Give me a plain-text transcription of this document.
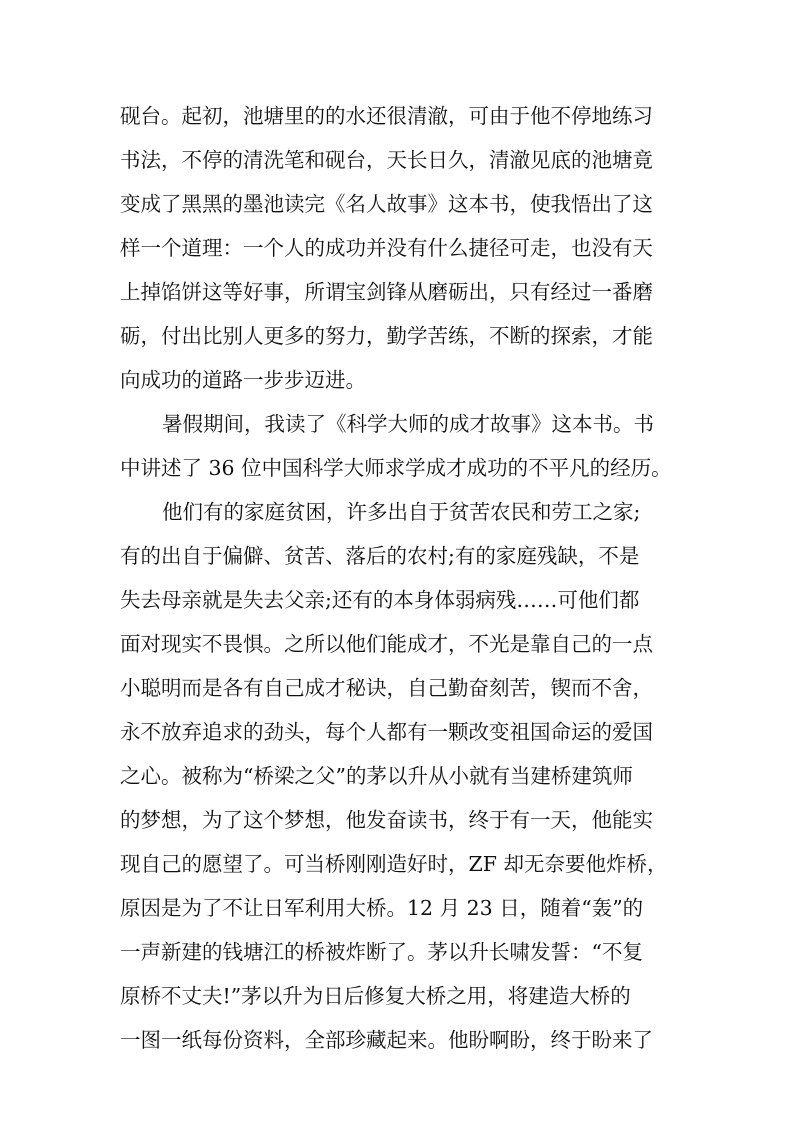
砚台。起初，池塘里的的水还很清澈，可由于他不停地练习
书法，不停的清洗笔和砚台，天长日久，清澈见底的池塘竟
变成了黑黑的墨池读完《名人故事》这本书，使我悟出了这
样一个道理：一个人的成功并没有什么捷径可走，也没有天
上掉馅饼这等好事，所谓宝剑锋从磨砺出，只有经过一番磨
砺，付出比别人更多的努力，勤学苦练，不断的探索，才能
向成功的道路一步步迈进。
暑假期间，我读了《科学大师的成才故事》这本书。书
中讲述了 36 位中国科学大师求学成才成功的不平凡的经历。
他们有的家庭贫困，许多出自于贫苦农民和劳工之家;
有的出自于偏僻、贫苦、落后的农村;有的家庭残缺，不是
失去母亲就是失去父亲;还有的本身体弱病残……可他们都
面对现实不畏惧。之所以他们能成才，不光是靠自己的一点
小聪明而是各有自己成才秘诀，自己勤奋刻苦，锲而不舍，
永不放弃追求的劲头，每个人都有一颗改变祖国命运的爱国
之心。被称为“桥梁之父”的茅以升从小就有当建桥建筑师
的梦想，为了这个梦想，他发奋读书，终于有一天，他能实
现自己的愿望了。可当桥刚刚造好时，ZF 却无奈要他炸桥，
原因是为了不让日军利用大桥。12 月 23 日，随着“轰”的
一声新建的钱塘江的桥被炸断了。茅以升长啸发誓：“不复
原桥不丈夫!”茅以升为日后修复大桥之用，将建造大桥的
一图一纸每份资料，全部珍藏起来。他盼啊盼，终于盼来了
